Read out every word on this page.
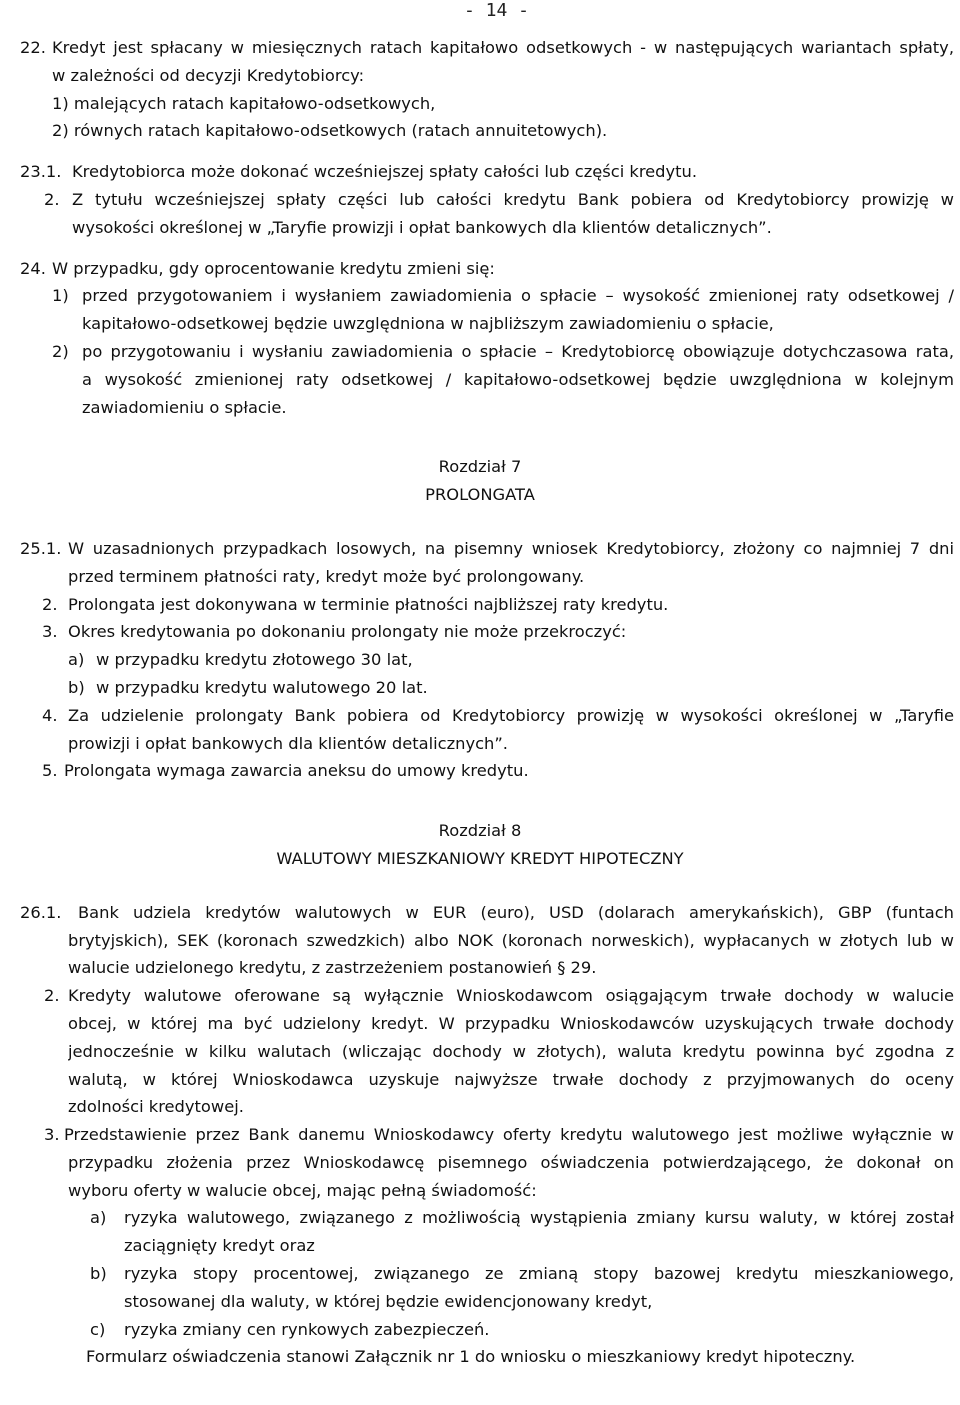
- 14 -
22. Kredyt jest spłacany w miesięcznych ratach kapitałowo odsetkowych - w następujących wariantach spłaty,
w zależności od decyzji Kredytobiorcy:
1) malejących ratach kapitałowo-odsetkowych,
2) równych ratach kapitałowo-odsetkowych (ratach annuitetowych).
23.1. Kredytobiorca może dokonać wcześniejszej spłaty całości lub części kredytu.
2. Z tytułu wcześniejszej spłaty części lub całości kredytu Bank pobiera od Kredytobiorcy prowizję w
wysokości określonej w „Taryfie prowizji i opłat bankowych dla klientów detalicznych”.
24. W przypadku, gdy oprocentowanie kredytu zmieni się:
1) przed przygotowaniem i wysłaniem zawiadomienia o spłacie – wysokość zmienionej raty odsetkowej /
kapitałowo-odsetkowej będzie uwzględniona w najbliższym zawiadomieniu o spłacie,
2) po przygotowaniu i wysłaniu zawiadomienia o spłacie – Kredytobiorcę obowiązuje dotychczasowa rata,
a wysokość zmienionej raty odsetkowej / kapitałowo-odsetkowej będzie uwzględniona w kolejnym
zawiadomieniu o spłacie.
Rozdział 7
PROLONGATA
25.1. W uzasadnionych przypadkach losowych, na pisemny wniosek Kredytobiorcy, złożony co najmniej 7 dni
przed terminem płatności raty, kredyt może być prolongowany.
2. Prolongata jest dokonywana w terminie płatności najbliższej raty kredytu.
3. Okres kredytowania po dokonaniu prolongaty nie może przekroczyć:
a) w przypadku kredytu złotowego 30 lat,
b) w przypadku kredytu walutowego 20 lat.
4. Za udzielenie prolongaty Bank pobiera od Kredytobiorcy prowizję w wysokości określonej w „Taryfie
prowizji i opłat bankowych dla klientów detalicznych”.
5. Prolongata wymaga zawarcia aneksu do umowy kredytu.
Rozdział 8
WALUTOWY MIESZKANIOWY KREDYT HIPOTECZNY
26.1. Bank udziela kredytów walutowych w EUR (euro), USD (dolarach amerykańskich), GBP (funtach
brytyjskich), SEK (koronach szwedzkich) albo NOK (koronach norweskich), wypłacanych w złotych lub w
walucie udzielonego kredytu, z zastrzeżeniem postanowień § 29.
2. Kredyty walutowe oferowane są wyłącznie Wnioskodawcom osiągającym trwałe dochody w walucie
obcej, w której ma być udzielony kredyt. W przypadku Wnioskodawców uzyskujących trwałe dochody
jednocześnie w kilku walutach (wliczając dochody w złotych), waluta kredytu powinna być zgodna z
walutą, w której Wnioskodawca uzyskuje najwyższe trwałe dochody z przyjmowanych do oceny
zdolności kredytowej.
3. Przedstawienie przez Bank danemu Wnioskodawcy oferty kredytu walutowego jest możliwe wyłącznie w
przypadku złożenia przez Wnioskodawcę pisemnego oświadczenia potwierdzającego, że dokonał on
wyboru oferty w walucie obcej, mając pełną świadomość:
a) ryzyka walutowego, związanego z możliwością wystąpienia zmiany kursu waluty, w której został
zaciągnięty kredyt oraz
b) ryzyka stopy procentowej, związanego ze zmianą stopy bazowej kredytu mieszkaniowego,
stosowanej dla waluty, w której będzie ewidencjonowany kredyt,
c) ryzyka zmiany cen rynkowych zabezpieczeń.
Formularz oświadczenia stanowi Załącznik nr 1 do wniosku o mieszkaniowy kredyt hipoteczny.
